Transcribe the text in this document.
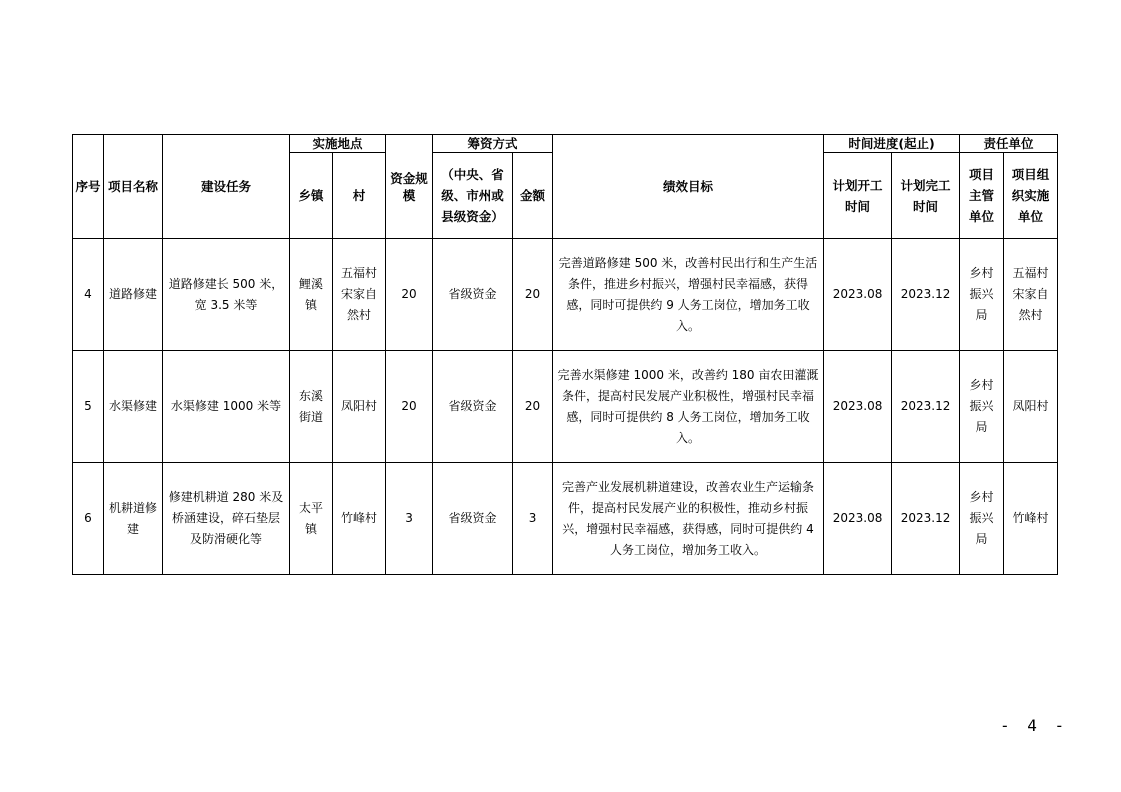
序号	项目名称	建设任务	实施地点		资金规模	筹资方式		绩效目标	时间进度(起止)		责任单位	
			乡镇	村		（中央、省级、市州或县级资金）	金额		计划开工时间	计划完工时间	项目主管单位	项目组织实施单位
4	道路修建	道路修建长 500 米，宽 3.5 米等	鲤溪镇	五福村宋家自然村	20	省级资金	20	完善道路修建 500 米，改善村民出行和生产生活条件，推进乡村振兴，增强村民幸福感，获得感，同时可提供约 9 人务工岗位，增加务工收入。	2023.08	2023.12	乡村振兴局	五福村宋家自然村
5	水渠修建	水渠修建 1000 米等	东溪街道	凤阳村	20	省级资金	20	完善水渠修建 1000 米，改善约 180 亩农田灌溉条件，提高村民发展产业积极性，增强村民幸福感，同时可提供约 8 人务工岗位，增加务工收入。	2023.08	2023.12	乡村振兴局	凤阳村
6	机耕道修建	修建机耕道 280 米及桥涵建设，碎石垫层及防滑硬化等	太平镇	竹峰村	3	省级资金	3	完善产业发展机耕道建设，改善农业生产运输条件，提高村民发展产业的积极性，推动乡村振兴，增强村民幸福感，获得感，同时可提供约 4 人务工岗位，增加务工收入。	2023.08	2023.12	乡村振兴局	竹峰村
- 4 -
